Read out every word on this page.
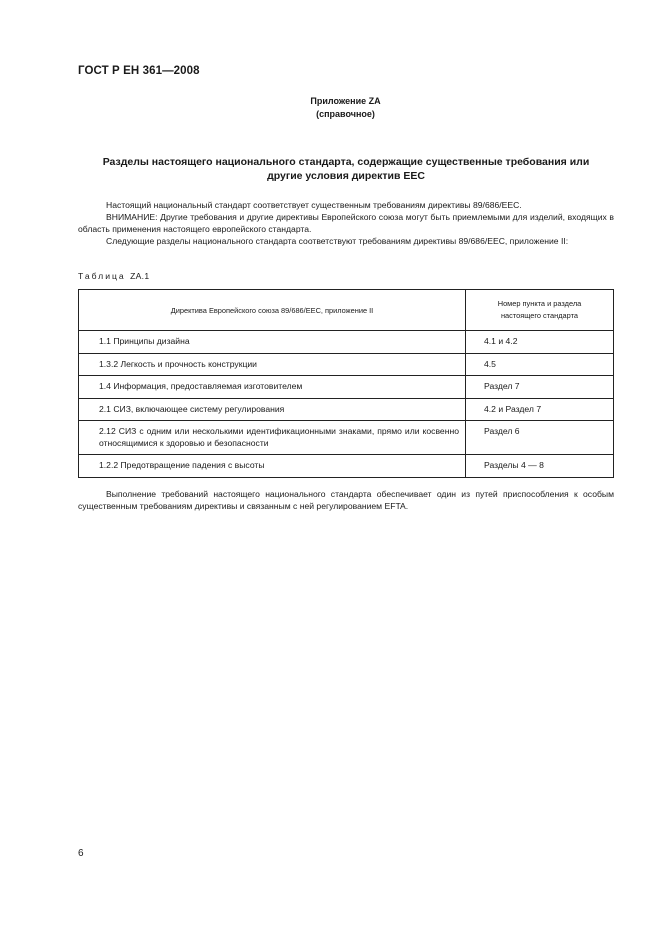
ГОСТ Р ЕН 361—2008
Приложение ZA
(справочное)
Разделы настоящего национального стандарта, содержащие существенные требования или
другие условия директив ЕЕС

Настоящий национальный стандарт соответствует существенным требованиям директивы 89/686/ЕЕС.

ВНИМАНИЕ: Другие требования и другие директивы Европейского союза могут быть приемлемыми для изделий, входящих в область применения настоящего европейского стандарта.

Следующие разделы национального стандарта соответствуют требованиям директивы 89/686/ЕЕС, приложение II:

Таблица ZA.1
Директива Европейского союза 89/686/ЕЕС, приложение II	Номер пункта и раздела
настоящего стандарта

1.1 Принципы дизайна	4.1 и 4.2
1.3.2 Легкость и прочность конструкции	4.5
1.4 Информация, предоставляемая изготовителем	Раздел 7
2.1 СИЗ, включающее систему регулирования	4.2 и Раздел 7
2.12 СИЗ с одним или несколькими идентификационными знаками, прямо или косвенно относящимися к здоровью и безопасности	Раздел 6
1.2.2 Предотвращение падения с высоты	Разделы 4 — 8

Выполнение требований настоящего национального стандарта обеспечивает один из путей приспособления к особым существенным требованиям директивы и связанным с ней регулированием EFTA.

6
